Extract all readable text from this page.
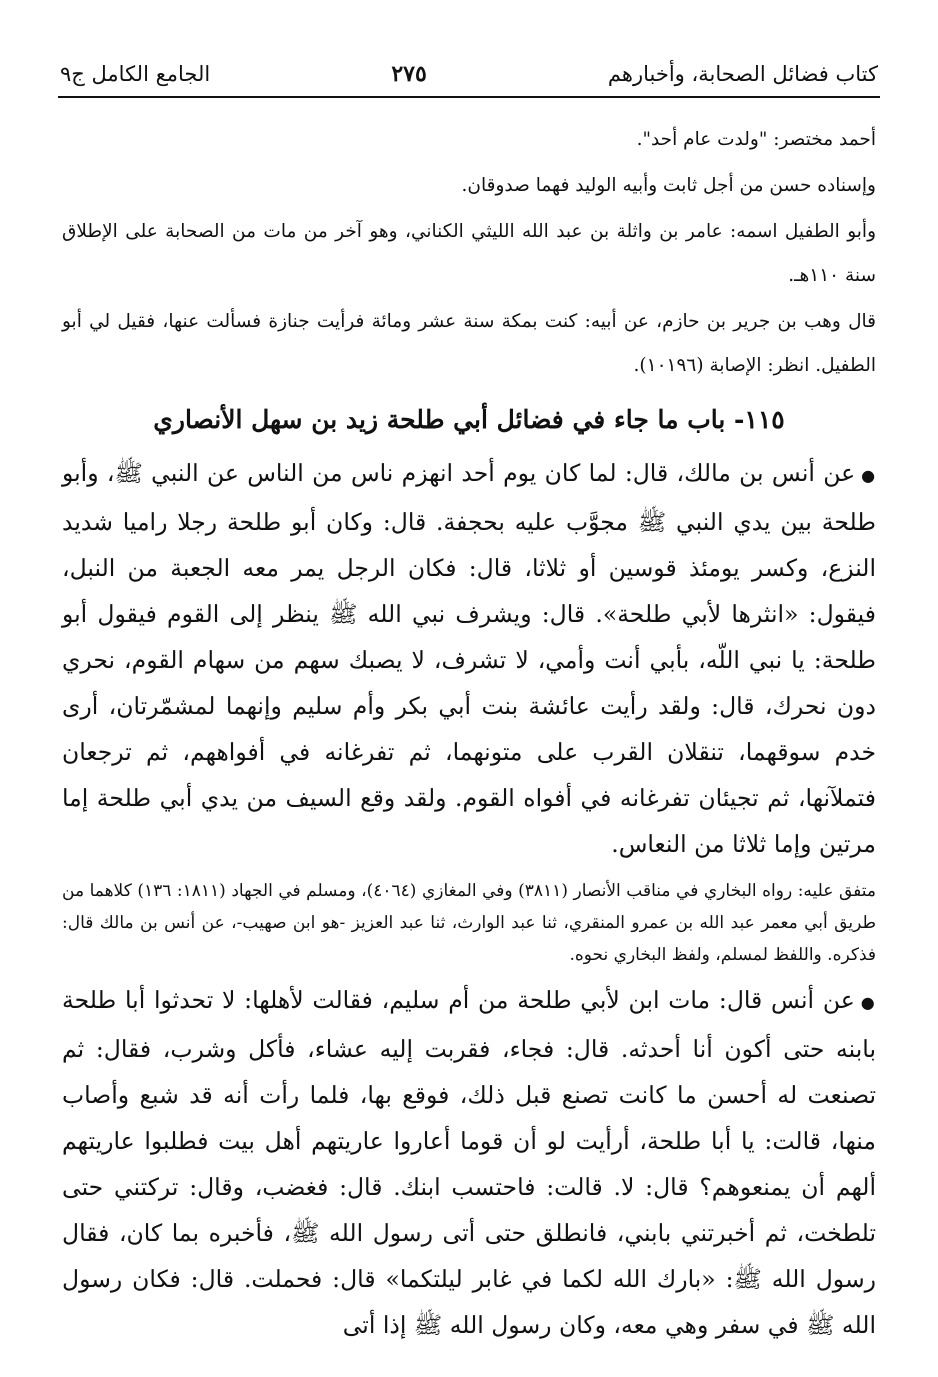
كتاب فضائل الصحابة، وأخبارهم
٢٧٥
الجامع الكامل ج٩

أحمد مختصر: "ولدت عام أحد".

وإسناده حسن من أجل ثابت وأبيه الوليد فهما صدوقان.

وأبو الطفيل اسمه: عامر بن واثلة بن عبد الله الليثي الكناني، وهو آخر من مات من الصحابة على الإطلاق سنة ١١٠هـ.

قال وهب بن جرير بن حازم، عن أبيه: كنت بمكة سنة عشر ومائة فرأيت جنازة فسألت عنها، فقيل لي أبو الطفيل. انظر: الإصابة (١٠١٩٦).

١١٥- باب ما جاء في فضائل أبي طلحة زيد بن سهل الأنصاري

●عن أنس بن مالك، قال: لما كان يوم أحد انهزم ناس من الناس عن النبي ﷺ، وأبو طلحة بين يدي النبي ﷺ مجوَّب عليه بحجفة. قال: وكان أبو طلحة رجلا راميا شديد النزع، وكسر يومئذ قوسين أو ثلاثا، قال: فكان الرجل يمر معه الجعبة من النبل، فيقول: «انثرها لأبي طلحة». قال: ويشرف نبي الله ﷺ ينظر إلى القوم فيقول أبو طلحة: يا نبي اللّه، بأبي أنت وأمي، لا تشرف، لا يصبك سهم من سهام القوم، نحري دون نحرك، قال: ولقد رأيت عائشة بنت أبي بكر وأم سليم وإنهما لمشمّرتان، أرى خدم سوقهما، تنقلان القرب على متونهما، ثم تفرغانه في أفواههم، ثم ترجعان فتملآنها، ثم تجيئان تفرغانه في أفواه القوم. ولقد وقع السيف من يدي أبي طلحة إما مرتين وإما ثلاثا من النعاس.

متفق عليه: رواه البخاري في مناقب الأنصار (٣٨١١) وفي المغازي (٤٠٦٤)، ومسلم في الجهاد (١٨١١: ١٣٦) كلاهما من طريق أبي معمر عبد الله بن عمرو المنقري، ثنا عبد الوارث، ثنا عبد العزيز -هو ابن صهيب-، عن أنس بن مالك قال: فذكره. واللفظ لمسلم، ولفظ البخاري نحوه.

●عن أنس قال: مات ابن لأبي طلحة من أم سليم، فقالت لأهلها: لا تحدثوا أبا طلحة بابنه حتى أكون أنا أحدثه. قال: فجاء، فقربت إليه عشاء، فأكل وشرب، فقال: ثم تصنعت له أحسن ما كانت تصنع قبل ذلك، فوقع بها، فلما رأت أنه قد شبع وأصاب منها، قالت: يا أبا طلحة، أرأيت لو أن قوما أعاروا عاريتهم أهل بيت فطلبوا عاريتهم ألهم أن يمنعوهم؟ قال: لا. قالت: فاحتسب ابنك. قال: فغضب، وقال: تركتني حتى تلطخت، ثم أخبرتني بابني، فانطلق حتى أتى رسول الله ﷺ، فأخبره بما كان، فقال رسول الله ﷺ: «بارك الله لكما في غابر ليلتكما» قال: فحملت. قال: فكان رسول الله ﷺ في سفر وهي معه، وكان رسول الله ﷺ إذا أتى
